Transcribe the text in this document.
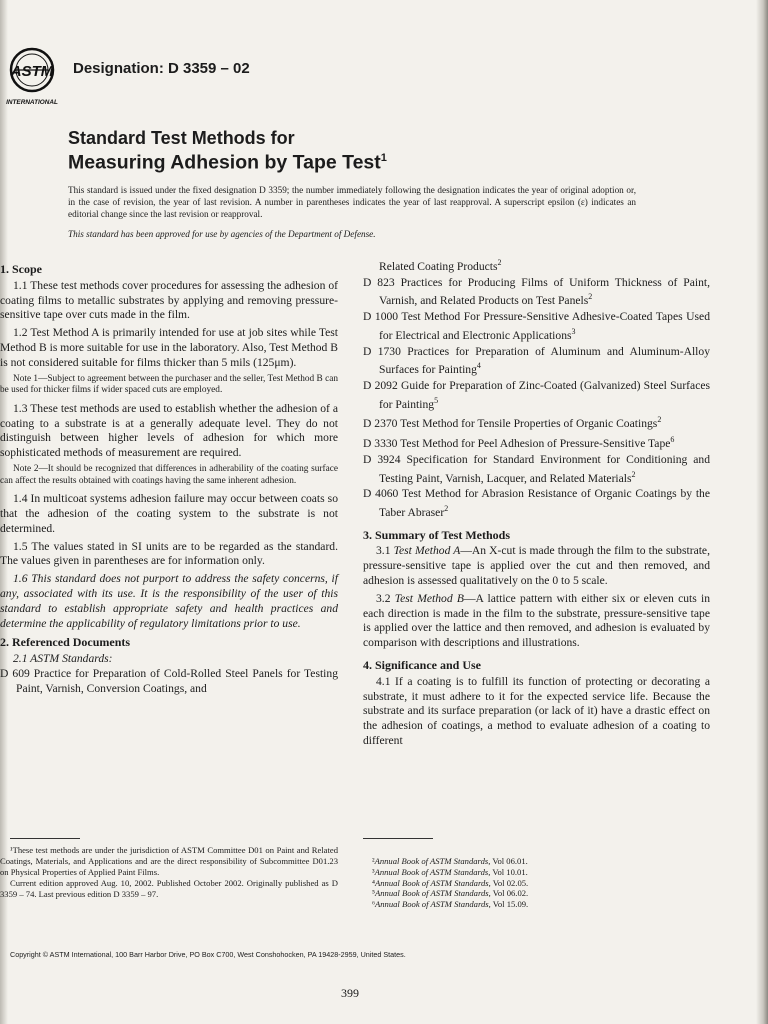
ASTM
INTERNATIONAL
Designation: D 3359 – 02
Standard Test Methods for
Measuring Adhesion by Tape Test$^1$
This standard is issued under the fixed designation D 3359; the number immediately following the designation indicates the year of original adoption or, in the case of revision, the year of last revision. A number in parentheses indicates the year of last reapproval. A superscript epsilon (ε) indicates an editorial change since the last revision or reapproval.
This standard has been approved for use by agencies of the Department of Defense.
1. Scope

1.1 These test methods cover procedures for assessing the adhesion of coating films to metallic substrates by applying and removing pressure-sensitive tape over cuts made in the film.

1.2 Test Method A is primarily intended for use at job sites while Test Method B is more suitable for use in the laboratory. Also, Test Method B is not considered suitable for films thicker than 5 mils (125μm).

Note 1—Subject to agreement between the purchaser and the seller, Test Method B can be used for thicker films if wider spaced cuts are employed.

1.3 These test methods are used to establish whether the adhesion of a coating to a substrate is at a generally adequate level. They do not distinguish between higher levels of adhesion for which more sophisticated methods of measurement are required.

Note 2—It should be recognized that differences in adherability of the coating surface can affect the results obtained with coatings having the same inherent adhesion.

1.4 In multicoat systems adhesion failure may occur between coats so that the adhesion of the coating system to the substrate is not determined.

1.5 The values stated in SI units are to be regarded as the standard. The values given in parentheses are for information only.

1.6 This standard does not purport to address the safety concerns, if any, associated with its use. It is the responsibility of the user of this standard to establish appropriate safety and health practices and determine the applicability of regulatory limitations prior to use.

2. Referenced Documents

2.1 ASTM Standards:

D 609 Practice for Preparation of Cold-Rolled Steel Panels for Testing Paint, Varnish, Conversion Coatings, and

Related Coating Products$^2$

D 823 Practices for Producing Films of Uniform Thickness of Paint, Varnish, and Related Products on Test Panels$^2$

D 1000 Test Method For Pressure-Sensitive Adhesive-Coated Tapes Used for Electrical and Electronic Applications$^3$

D 1730 Practices for Preparation of Aluminum and Aluminum-Alloy Surfaces for Painting$^4$

D 2092 Guide for Preparation of Zinc-Coated (Galvanized) Steel Surfaces for Painting$^5$

D 2370 Test Method for Tensile Properties of Organic Coatings$^2$

D 3330 Test Method for Peel Adhesion of Pressure-Sensitive Tape$^6$

D 3924 Specification for Standard Environment for Conditioning and Testing Paint, Varnish, Lacquer, and Related Materials$^2$

D 4060 Test Method for Abrasion Resistance of Organic Coatings by the Taber Abraser$^2$

3. Summary of Test Methods

3.1 Test Method A—An X-cut is made through the film to the substrate, pressure-sensitive tape is applied over the cut and then removed, and adhesion is assessed qualitatively on the 0 to 5 scale.

3.2 Test Method B—A lattice pattern with either six or eleven cuts in each direction is made in the film to the substrate, pressure-sensitive tape is applied over the lattice and then removed, and adhesion is evaluated by comparison with descriptions and illustrations.

4. Significance and Use

4.1 If a coating is to fulfill its function of protecting or decorating a substrate, it must adhere to it for the expected service life. Because the substrate and its surface preparation (or lack of it) have a drastic effect on the adhesion of coatings, a method to evaluate adhesion of a coating to different

¹These test methods are under the jurisdiction of ASTM Committee D01 on Paint and Related Coatings, Materials, and Applications and are the direct responsibility of Subcommittee D01.23 on Physical Properties of Applied Paint Films.

Current edition approved Aug. 10, 2002. Published October 2002. Originally published as D 3359 – 74. Last previous edition D 3359 – 97.

²Annual Book of ASTM Standards, Vol 06.01.

³Annual Book of ASTM Standards, Vol 10.01.

⁴Annual Book of ASTM Standards, Vol 02.05.

⁵Annual Book of ASTM Standards, Vol 06.02.

⁶Annual Book of ASTM Standards, Vol 15.09.

Copyright © ASTM International, 100 Barr Harbor Drive, PO Box C700, West Conshohocken, PA 19428-2959, United States.
399
